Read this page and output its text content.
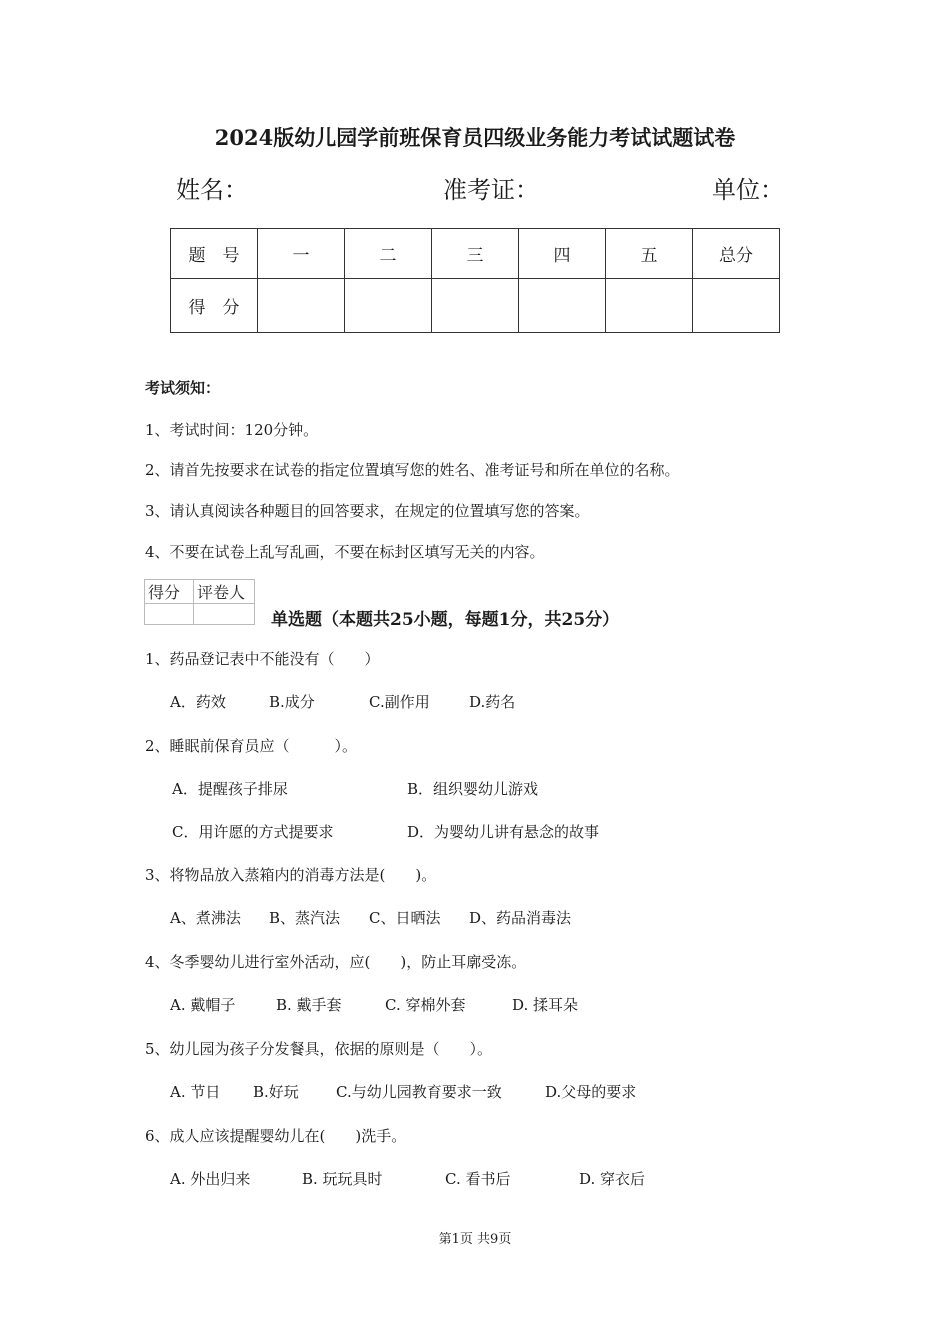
2024版幼儿园学前班保育员四级业务能力考试试题试卷
姓名：	准考证：	单位：
题　号	一	二	三	四	五	总分
得　分						
考试须知：
1、考试时间：120分钟。
2、请首先按要求在试卷的指定位置填写您的姓名、准考证号和所在单位的名称。
3、请认真阅读各种题目的回答要求，在规定的位置填写您的答案。
4、不要在试卷上乱写乱画，不要在标封区填写无关的内容。
得分	评卷人

单选题（本题共25小题，每题1分，共25分）
1、药品登记表中不能没有（　　）
A．药效	B.成分	C.副作用	D.药名
2、睡眠前保育员应（　　　）。
A．提醒孩子排尿	B．组织婴幼儿游戏
C．用许愿的方式提要求	D．为婴幼儿讲有悬念的故事
3、将物品放入蒸箱内的消毒方法是(　　)。
A、煮沸法 B、蒸汽法 C、日晒法 D、药品消毒法
4、冬季婴幼儿进行室外活动，应(　　)，防止耳廓受冻。
A. 戴帽子	B. 戴手套	C. 穿棉外套	D. 揉耳朵
5、幼儿园为孩子分发餐具，依据的原则是（　　）。
A. 节日 B.好玩 C.与幼儿园教育要求一致	D.父母的要求
6、成人应该提醒婴幼儿在(　　)洗手。
A. 外出归来	B. 玩玩具时	C. 看书后	D. 穿衣后
第1页 共9页
